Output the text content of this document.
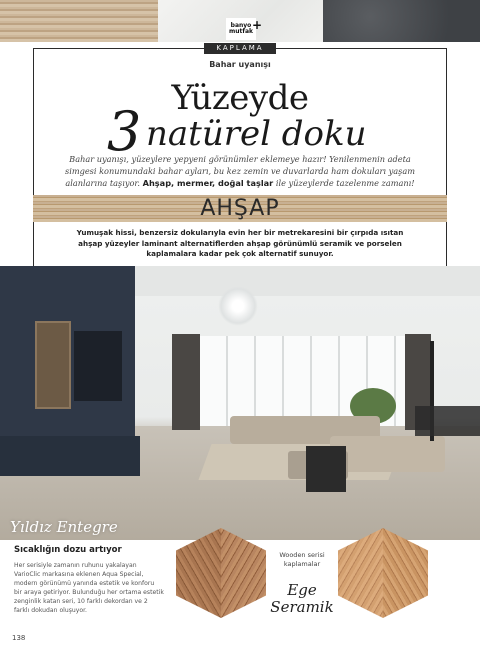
banyo
mutfak
+
KAPLAMA
Bahar uyanışı
Yüzeyde
3 natürel doku
Bahar uyanışı, yüzeylere yepyeni görünümler eklemeye hazır! Yenilenmenin adeta simgesi konumundaki bahar ayları, bu kez zemin ve duvarlarda ham dokuları yaşam alanlarına taşıyor. Ahşap, mermer, doğal taşlar ile yüzeylerde tazelenme zamanı!
AHŞAP
Yumuşak hissi, benzersiz dokularıyla evin her bir metrekaresini bir çırpıda ısıtan ahşap yüzeyler laminant alternatiflerden ahşap görünümlü seramik ve porselen kaplamalara kadar pek çok alternatif sunuyor.
Yıldız Entegre
Sıcaklığın dozu artıyor
Her serisiyle zamanın ruhunu yakalayan VarioClic markasına eklenen Aqua Special, modern görünümü yanında estetik ve konforu bir araya getiriyor. Bulunduğu her ortama estetik zenginlik katan seri, 10 farklı dekordan ve 2 farklı dokudan oluşuyor.
Wooden serisi kaplamalar
Ege
Seramik
138
